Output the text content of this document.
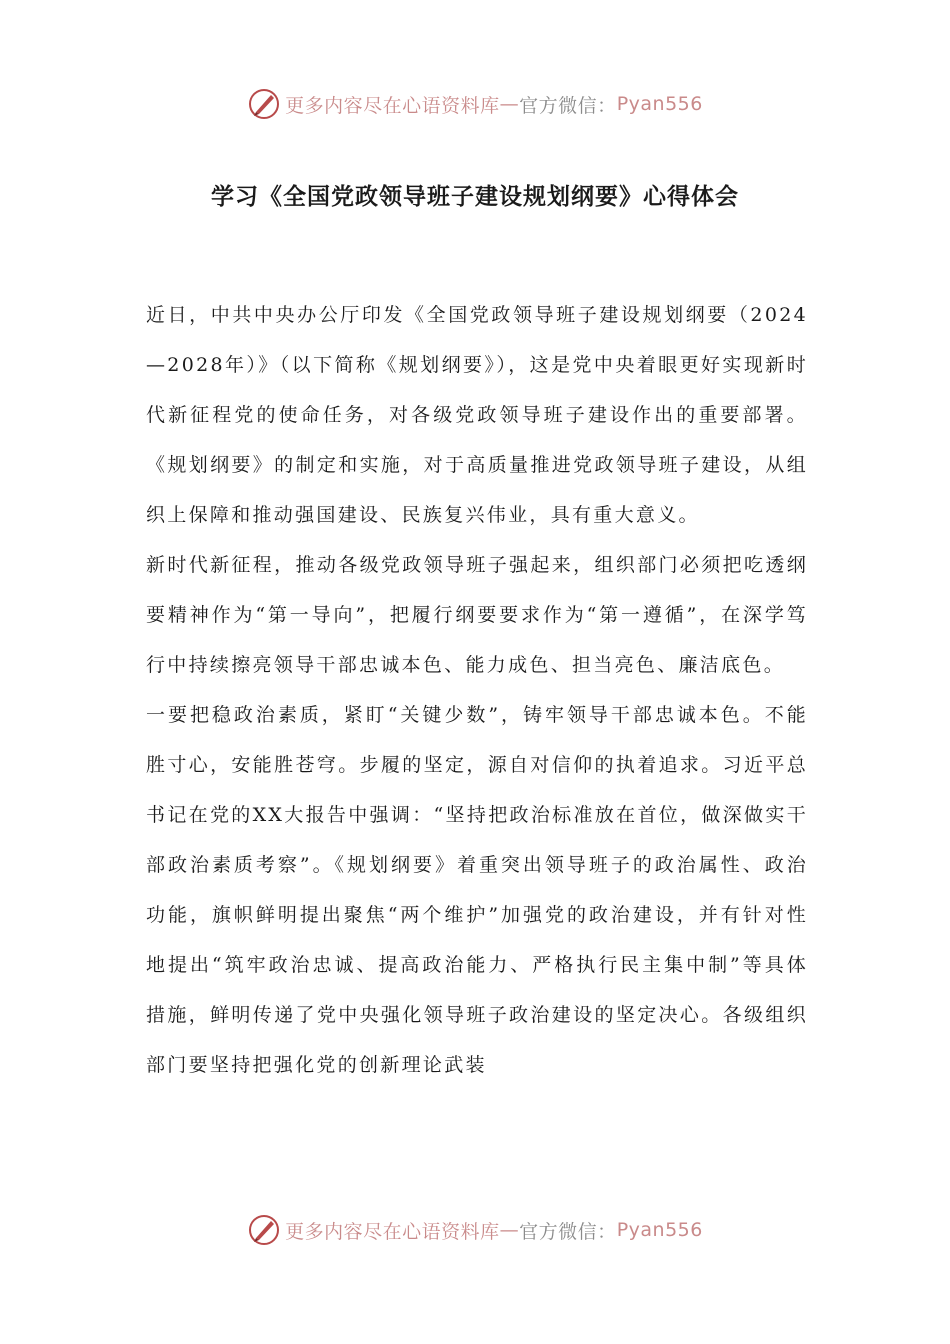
更多内容尽在心语资料库 — 官方微信： Pyan556
学习《全国党政领导班子建设规划纲要》心得体会

近日，中共中央办公厅印发《全国党政领导班子建设规划纲要（2024—2028年）》（以下简称《规划纲要》），这是党中央着眼更好实现新时代新征程党的使命任务，对各级党政领导班子建设作出的重要部署。《规划纲要》的制定和实施，对于高质量推进党政领导班子建设，从组织上保障和推动强国建设、民族复兴伟业，具有重大意义。

新时代新征程，推动各级党政领导班子强起来，组织部门必须把吃透纲要精神作为“第一导向”，把履行纲要要求作为“第一遵循”，在深学笃行中持续擦亮领导干部忠诚本色、能力成色、担当亮色、廉洁底色。

一要把稳政治素质，紧盯“关键少数”，铸牢领导干部忠诚本色。不能胜寸心，安能胜苍穹。步履的坚定，源自对信仰的执着追求。习近平总书记在党的XX大报告中强调：“坚持把政治标准放在首位，做深做实干部政治素质考察”。《规划纲要》着重突出领导班子的政治属性、政治功能，旗帜鲜明提出聚焦“两个维护”加强党的政治建设，并有针对性地提出“筑牢政治忠诚、提高政治能力、严格执行民主集中制”等具体措施，鲜明传递了党中央强化领导班子政治建设的坚定决心。各级组织部门要坚持把强化党的创新理论武装

更多内容尽在心语资料库 — 官方微信： Pyan556
